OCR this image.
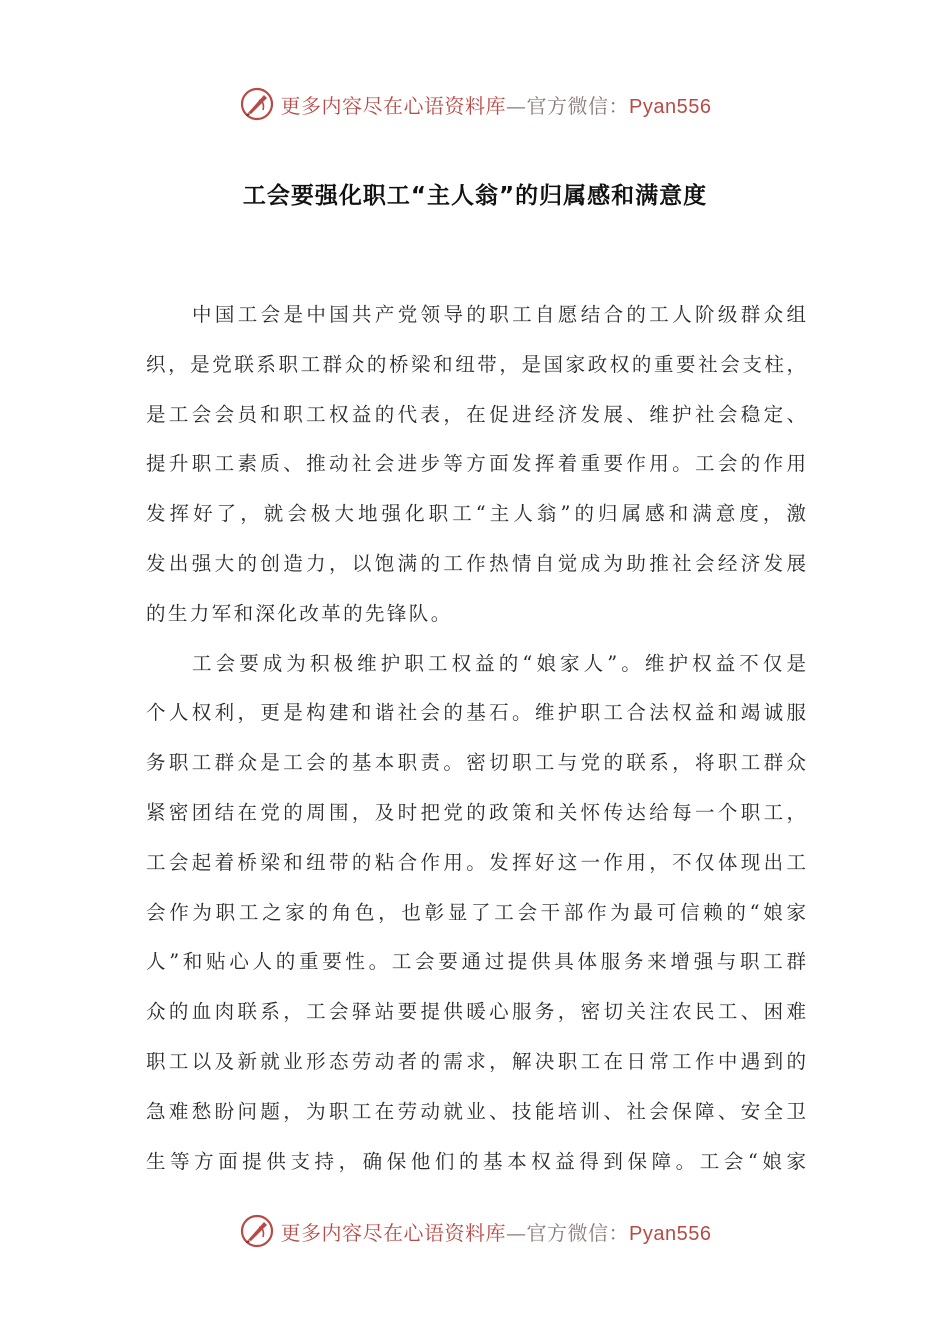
更多内容尽在心语资料库—官方微信：Pyan556
工会要强化职工“主人翁”的归属感和满意度
中国工会是中国共产党领导的职工自愿结合的工人阶级群众组
织，是党联系职工群众的桥梁和纽带，是国家政权的重要社会支柱，
是工会会员和职工权益的代表，在促进经济发展、维护社会稳定、
提升职工素质、推动社会进步等方面发挥着重要作用。工会的作用
发挥好了，就会极大地强化职工“主人翁”的归属感和满意度，激
发出强大的创造力，以饱满的工作热情自觉成为助推社会经济发展
的生力军和深化改革的先锋队。
工会要成为积极维护职工权益的“娘家人”。维护权益不仅是
个人权利，更是构建和谐社会的基石。维护职工合法权益和竭诚服
务职工群众是工会的基本职责。密切职工与党的联系，将职工群众
紧密团结在党的周围，及时把党的政策和关怀传达给每一个职工，
工会起着桥梁和纽带的粘合作用。发挥好这一作用，不仅体现出工
会作为职工之家的角色，也彰显了工会干部作为最可信赖的“娘家
人”和贴心人的重要性。工会要通过提供具体服务来增强与职工群
众的血肉联系，工会驿站要提供暖心服务，密切关注农民工、困难
职工以及新就业形态劳动者的需求，解决职工在日常工作中遇到的
急难愁盼问题，为职工在劳动就业、技能培训、社会保障、安全卫
生等方面提供支持，确保他们的基本权益得到保障。工会“娘家
更多内容尽在心语资料库—官方微信：Pyan556
